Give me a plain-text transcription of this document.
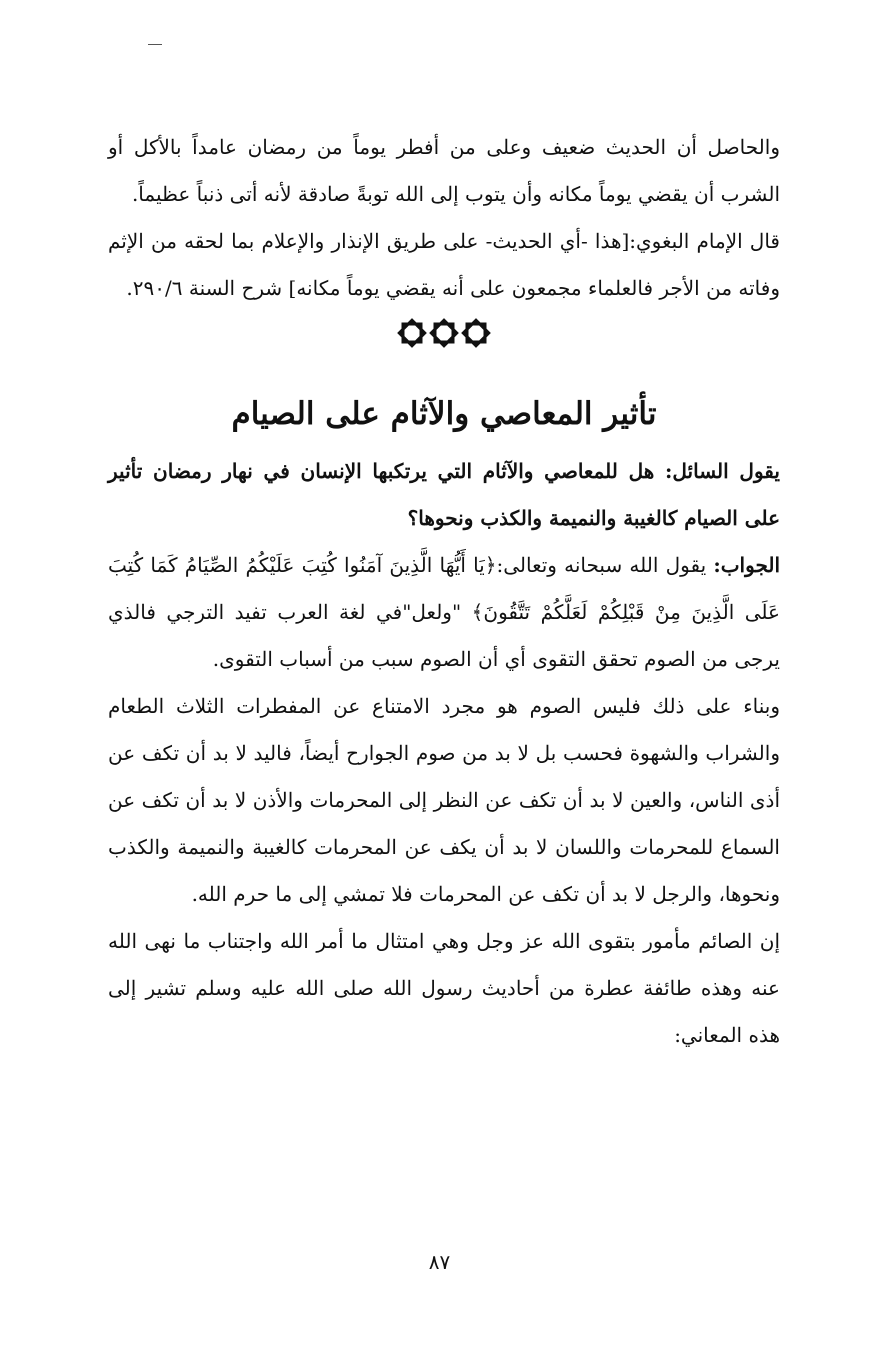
والحاصل أن الحديث ضعيف وعلى من أفطر يوماً من رمضان عامداً بالأكل أو الشرب أن يقضي يوماً مكانه وأن يتوب إلى الله توبةً صادقة لأنه أتى ذنباً عظيماً.

قال الإمام البغوي:[هذا -أي الحديث- على طريق الإنذار والإعلام بما لحقه من الإثم وفاته من الأجر فالعلماء مجمعون على أنه يقضي يوماً مكانه] شرح السنة ٢٩٠/٦.

تأثير المعاصي والآثام على الصيام

يقول السائل: هل للمعاصي والآثام التي يرتكبها الإنسان في نهار رمضان تأثير على الصيام كالغيبة والنميمة والكذب ونحوها؟

الجواب: يقول الله سبحانه وتعالى:﴿يَا أَيُّهَا الَّذِينَ آمَنُوا كُتِبَ عَلَيْكُمُ الصِّيَامُ كَمَا كُتِبَ عَلَى الَّذِينَ مِنْ قَبْلِكُمْ لَعَلَّكُمْ تَتَّقُونَ﴾ "ولعل"في لغة العرب تفيد الترجي فالذي يرجى من الصوم تحقق التقوى أي أن الصوم سبب من أسباب التقوى.

وبناء على ذلك فليس الصوم هو مجرد الامتناع عن المفطرات الثلاث الطعام والشراب والشهوة فحسب بل لا بد من صوم الجوارح أيضاً، فاليد لا بد أن تكف عن أذى الناس، والعين لا بد أن تكف عن النظر إلى المحرمات والأذن لا بد أن تكف عن السماع للمحرمات واللسان لا بد أن يكف عن المحرمات كالغيبة والنميمة والكذب ونحوها، والرجل لا بد أن تكف عن المحرمات فلا تمشي إلى ما حرم الله.

إن الصائم مأمور بتقوى الله عز وجل وهي امتثال ما أمر الله واجتناب ما نهى الله عنه وهذه طائفة عطرة من أحاديث رسول الله صلى الله عليه وسلم تشير إلى هذه المعاني:

٨٧
